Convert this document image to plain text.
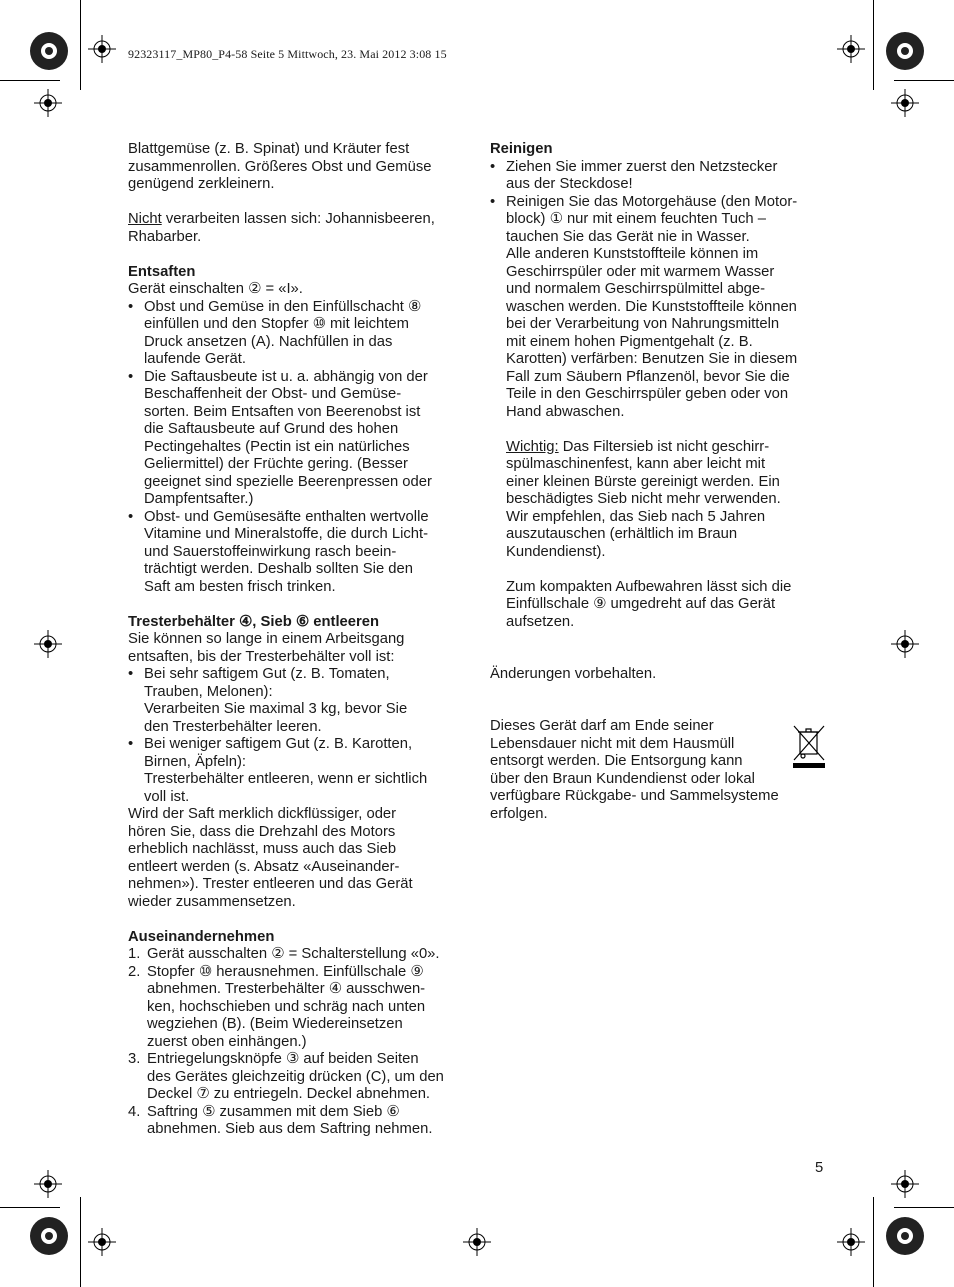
92323117_MP80_P4-58 Seite 5 Mittwoch, 23. Mai 2012 3:08 15

Blattgemüse (z. B. Spinat) und Kräuter fest
zusammenrollen. Größeres Obst und Gemüse
genügend zerkleinern.

Nicht verarbeiten lassen sich: Johannisbeeren,
Rhabarber.

Entsaften

Gerät einschalten ② = «I».

• Obst und Gemüse in den Einfüllschacht ⑧
einfüllen und den Stopfer ⑩ mit leichtem
Druck ansetzen (A). Nachfüllen in das
laufende Gerät.
• Die Saftausbeute ist u. a. abhängig von der
Beschaffenheit der Obst- und Gemüse-
sorten. Beim Entsaften von Beerenobst ist
die Saftausbeute auf Grund des hohen
Pectingehaltes (Pectin ist ein natürliches
Geliermittel) der Früchte gering. (Besser
geeignet sind spezielle Beerenpressen oder
Dampfentsafter.)
• Obst- und Gemüsesäfte enthalten wertvolle
Vitamine und Mineralstoffe, die durch Licht-
und Sauerstoffeinwirkung rasch beein-
trächtigt werden. Deshalb sollten Sie den
Saft am besten frisch trinken.

Tresterbehälter ④, Sieb ⑥ entleeren

Sie können so lange in einem Arbeitsgang
entsaften, bis der Tresterbehälter voll ist:

• Bei sehr saftigem Gut (z. B. Tomaten,
Trauben, Melonen):
Verarbeiten Sie maximal 3 kg, bevor Sie
den Tresterbehälter leeren.
• Bei weniger saftigem Gut (z. B. Karotten,
Birnen, Äpfeln):
Tresterbehälter entleeren, wenn er sichtlich
voll ist.

Wird der Saft merklich dickflüssiger, oder
hören Sie, dass die Drehzahl des Motors
erheblich nachlässt, muss auch das Sieb
entleert werden (s. Absatz «Auseinander-
nehmen»). Trester entleeren und das Gerät
wieder zusammensetzen.

Auseinandernehmen

1. Gerät ausschalten ② = Schalterstellung «0».
2. Stopfer ⑩ herausnehmen. Einfüllschale ⑨
abnehmen. Tresterbehälter ④ ausschwen-
ken, hochschieben und schräg nach unten
wegziehen (B). (Beim Wiedereinsetzen
zuerst oben einhängen.)
3. Entriegelungsknöpfe ③ auf beiden Seiten
des Gerätes gleichzeitig drücken (C), um den
Deckel ⑦ zu entriegeln. Deckel abnehmen.
4. Saftring ⑤ zusammen mit dem Sieb ⑥
abnehmen. Sieb aus dem Saftring nehmen.

Reinigen

• Ziehen Sie immer zuerst den Netzstecker
aus der Steckdose!
• Reinigen Sie das Motorgehäuse (den Motor-
block) ① nur mit einem feuchten Tuch –
tauchen Sie das Gerät nie in Wasser.
Alle anderen Kunststoffteile können im
Geschirrspüler oder mit warmem Wasser
und normalem Geschirrspülmittel abge-
waschen werden. Die Kunststoffteile können
bei der Verarbeitung von Nahrungsmitteln
mit einem hohen Pigmentgehalt (z. B.
Karotten) verfärben: Benutzen Sie in diesem
Fall zum Säubern Pflanzenöl, bevor Sie die
Teile in den Geschirrspüler geben oder von
Hand abwaschen.

Wichtig: Das Filtersieb ist nicht geschirr-
spülmaschinenfest, kann aber leicht mit
einer kleinen Bürste gereinigt werden. Ein
beschädigtes Sieb nicht mehr verwenden.
Wir empfehlen, das Sieb nach 5 Jahren
auszutauschen (erhältlich im Braun
Kundendienst).

Zum kompakten Aufbewahren lässt sich die
Einfüllschale ⑨ umgedreht auf das Gerät
aufsetzen.

Änderungen vorbehalten.

Dieses Gerät darf am Ende seiner
Lebensdauer nicht mit dem Hausmüll
entsorgt werden. Die Entsorgung kann
über den Braun Kundendienst oder lokal
verfügbare Rückgabe- und Sammelsysteme
erfolgen.
5
